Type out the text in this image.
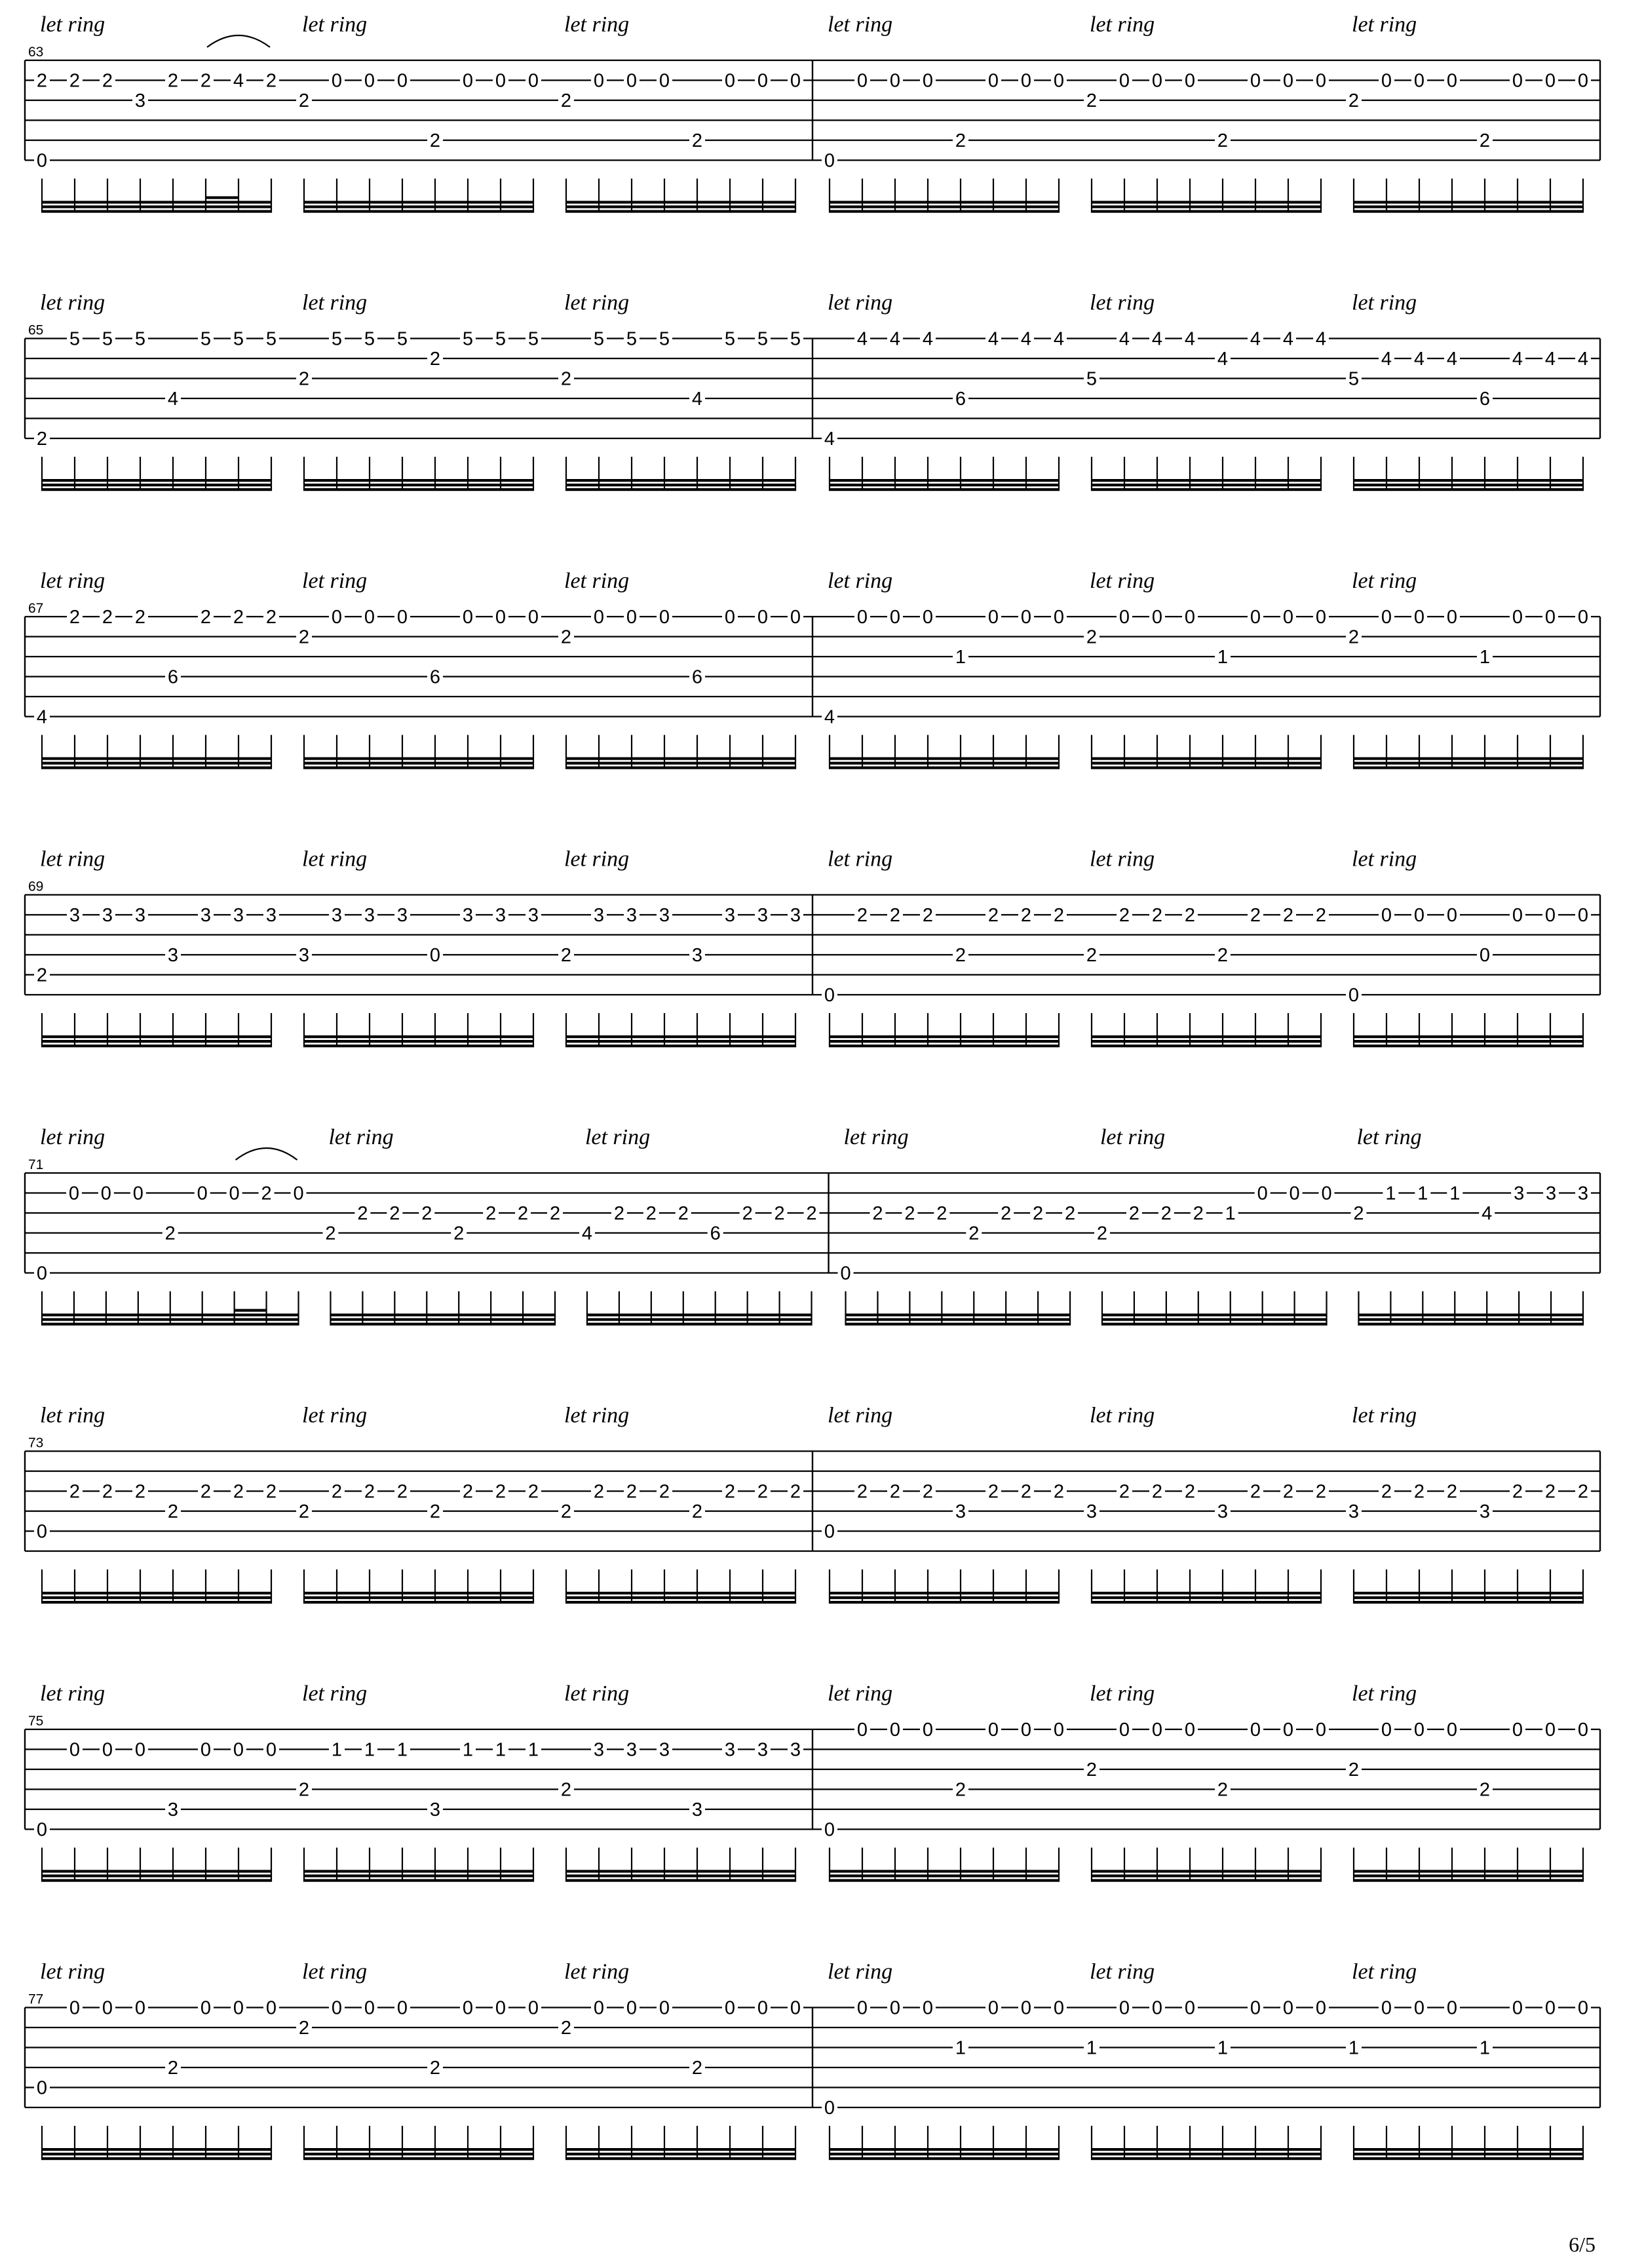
63
2
0
2 2
3
2 2 4 2
2
0 0 0
2
0 0 0
2
0 0 0
2
0 0 0
let ring	let ring	let ring
0
0 0 0
2
0 0 0
2
0 0 0
2
0 0 0
2
0 0 0
2
0 0 0
let ring	let ring	let ring
65
2
5 5 5
4
5 5 5
2
5 5 5
2
5 5 5
2
5 5 5
4
5 5 5
let ring	let ring	let ring
4
4 4 4
6
4 4 4
5
4 4 4
4
4 4 4
5
4 4 4
6
4 4 4
let ring	let ring	let ring
67
4
2 2 2
6
2 2 2
2
0 0 0
6
0 0 0
2
0 0 0
6
0 0 0
let ring	let ring	let ring
4
0 0 0
1
0 0 0
2
0 0 0
1
0 0 0
2
0 0 0
1
0 0 0
let ring	let ring	let ring
69
2
3 3 3
3
3 3 3
3
3 3 3
0
3 3 3
2
3 3 3
3
3 3 3
let ring	let ring	let ring
0
2 2 2
2
2 2 2
2
2 2 2
2
2 2 2
0
0 0 0
0
0 0 0
let ring	let ring	let ring
71
0
0 0 0
2
0 0 2 0
2
2 2 2
2
2 2 2
4
2 2 2
6
2 2 2
let ring	let ring	let ring
0
2 2 2
2
2 2 2
2
2 2 2 1
0 0 0
2
1 1 1
4
3 3 3
let ring	let ring	let ring
73
0
2 2 2
2
2 2 2
2
2 2 2
2
2 2 2
2
2 2 2
2
2 2 2
let ring	let ring	let ring
0
2 2 2
3
2 2 2
3
2 2 2
3
2 2 2
3
2 2 2
3
2 2 2
let ring	let ring	let ring
75
0
0 0 0
3
0 0 0
2
1 1 1
3
1 1 1
2
3 3 3
3
3 3 3
let ring	let ring	let ring
0
0 0 0
2
0 0 0
2
0 0 0
2
0 0 0
2
0 0 0
2
0 0 0
let ring	let ring	let ring
77
0
0 0 0
2
0 0 0
2
0 0 0
2
0 0 0
2
0 0 0
2
0 0 0
let ring	let ring	let ring
0
0 0 0
1
0 0 0
1
0 0 0
1
0 0 0
1
0 0 0
1
0 0 0
let ring	let ring	let ring
6/5
